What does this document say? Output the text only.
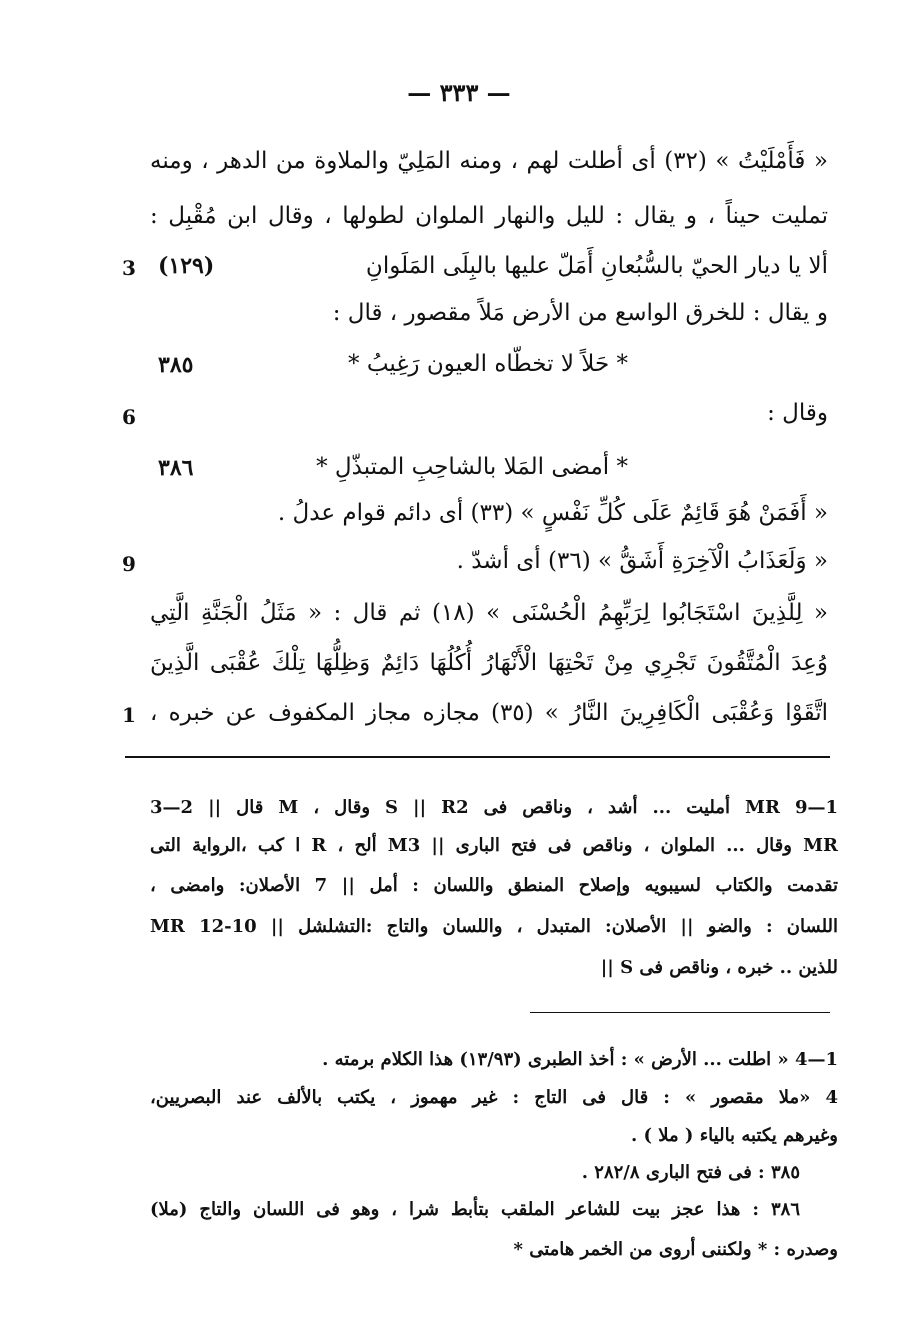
— ٣٣٣ —
« فَأَمْلَيْتُ » (٣٢) أى أطلت لهم ، ومنه المَلِيّ والملاوة من الدهر ، ومنه
تمليت حيناً ، و يقال : لليل والنهار الملوان لطولها ، وقال ابن مُقْبِل :
ألا يا ديار الحيّ بالسُّبُعانِ أَمَلّ عليها بالبِلَى المَلَوانِ
و يقال : للخرق الواسع من الأرض مَلاً مقصور ، قال :
* حَلاً لا تخطّاه العيون رَغِيبُ *
وقال :
* أمضى المَلا بالشاحِبِ المتبذّلِ *
« أَفَمَنْ هُوَ قَائِمٌ عَلَى كُلِّ نَفْسٍ » (٣٣) أى دائم قوام عدلُ .
« وَلَعَذَابُ الْآخِرَةِ أَشَقُّ » (٣٦) أى أشدّ .
« لِلَّذِينَ اسْتَجَابُوا لِرَبِّهِمُ الْحُسْنَى » (١٨) ثم قال : « مَثَلُ الْجَنَّةِ الَّتِي
وُعِدَ الْمُتَّقُونَ تَجْرِي مِنْ تَحْتِهَا الْأَنْهَارُ أُكُلُهَا دَائِمٌ وَظِلُّهَا تِلْكَ عُقْبَى الَّذِينَ
اتَّقَوْا وَعُقْبَى الْكَافِرِينَ النَّارُ » (٣٥) مجازه مجاز المكفوف عن خبره ،
3
6
9
1
(١٢٩)
٣٨٥
٣٨٦
1—9 MR أمليت ... أشد ، وناقص فى S || R2 وقال ، M قال || 2—3
MR وقال ... الملوان ، وناقص فى فتح البارى || M3 ألح ، R ا كب ،الرواية التى
تقدمت والكتاب لسيبويه وإصلاح المنطق واللسان : أمل || 7 الأصلان: وامضى ،
اللسان : والضو || الأصلان: المتبدل ، واللسان والتاج :التشلشل || MR 12-10
للذين .. خبره ، وناقص فى S ||
1—4 « اطلت ... الأرض » : أخذ الطبرى (١٣/٩٣) هذا الكلام برمته .
4 «ملا مقصور » : قال فى التاج : غير مهموز ، يكتب بالألف عند البصريين،
وغيرهم يكتبه بالياء ( ملا ) .
٣٨٥ : فى فتح البارى ٢٨٢/٨ .
٣٨٦ : هذا عجز بيت للشاعر الملقب بتأبط شرا ، وهو فى اللسان والتاج (ملا)
وصدره : * ولكننى أروى من الخمر هامتى *
